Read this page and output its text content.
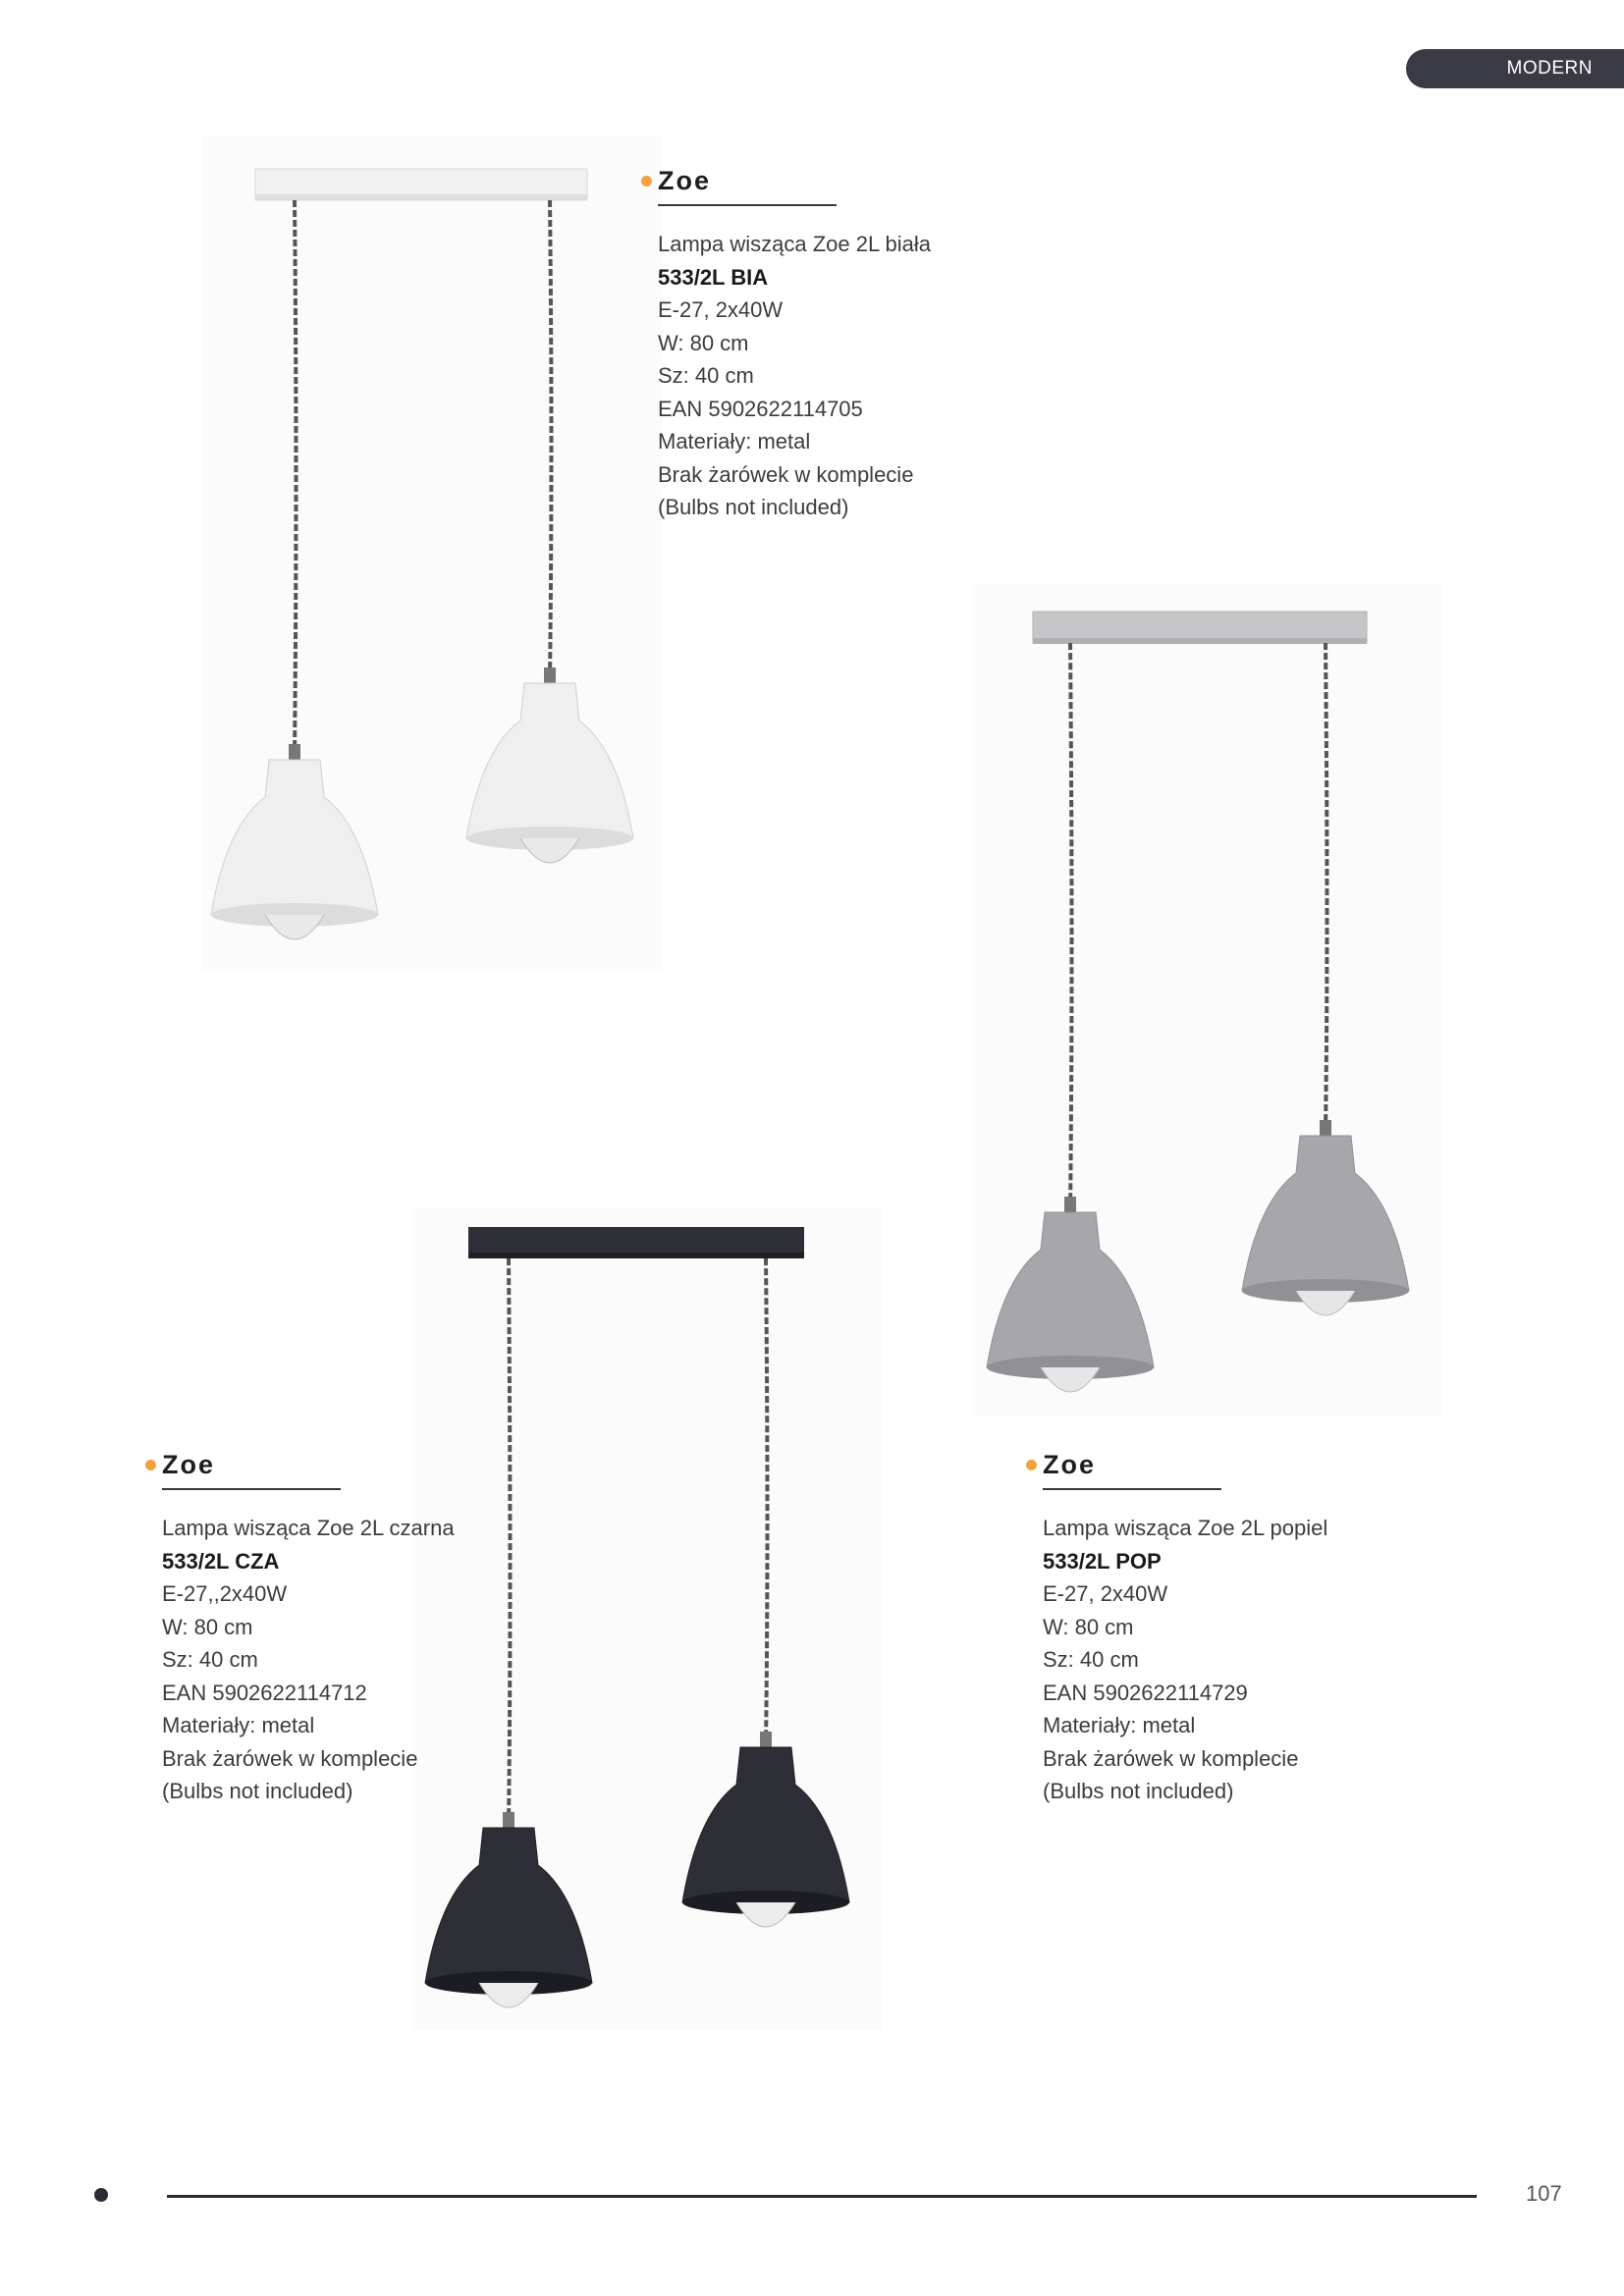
MODERN
Zoe
Lampa wisząca Zoe 2L biała
533/2L BIA
E-27, 2x40W
W: 80 cm
Sz: 40 cm
EAN 5902622114705
Materiały: metal
Brak żarówek w komplecie
(Bulbs not included)
Zoe
Lampa wisząca Zoe 2L czarna
533/2L CZA
E-27,,2x40W
W: 80 cm
Sz: 40 cm
EAN 5902622114712
Materiały: metal
Brak żarówek w komplecie
(Bulbs not included)
Zoe
Lampa wisząca Zoe 2L popiel
533/2L POP
E-27, 2x40W
W: 80 cm
Sz: 40 cm
EAN 5902622114729
Materiały: metal
Brak żarówek w komplecie
(Bulbs not included)
107
